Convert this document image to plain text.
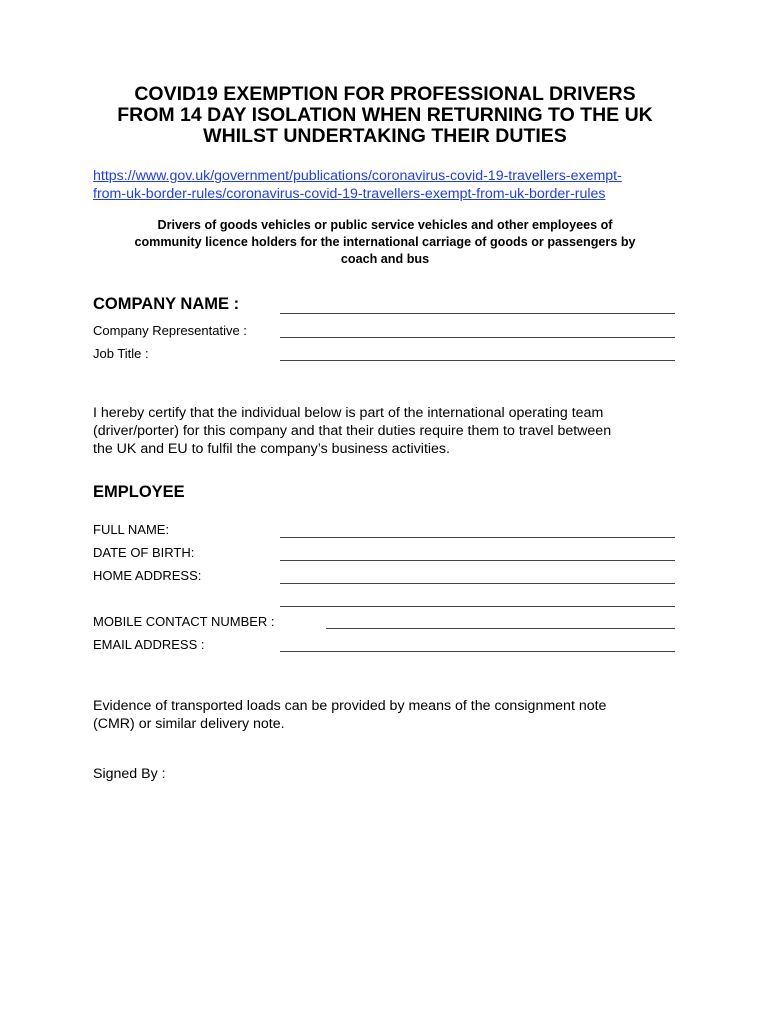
COVID19 EXEMPTION FOR PROFESSIONAL DRIVERS
FROM 14 DAY ISOLATION WHEN RETURNING TO THE UK
WHILST UNDERTAKING THEIR DUTIES
https://www.gov.uk/government/publications/coronavirus-covid-19-travellers-exempt-
from-uk-border-rules/coronavirus-covid-19-travellers-exempt-from-uk-border-rules
Drivers of goods vehicles or public service vehicles and other employees of
community licence holders for the international carriage of goods or passengers by
coach and bus
COMPANY NAME :
Company Representative :
Job Title :
I hereby certify that the individual below is part of the international operating team
(driver/porter) for this company and that their duties require them to travel between
the UK and EU to fulfil the company’s business activities.
EMPLOYEE
FULL NAME:
DATE OF BIRTH:
HOME ADDRESS:
MOBILE CONTACT NUMBER :
EMAIL ADDRESS :
Evidence of transported loads can be provided by means of the consignment note
(CMR) or similar delivery note.
Signed By :
